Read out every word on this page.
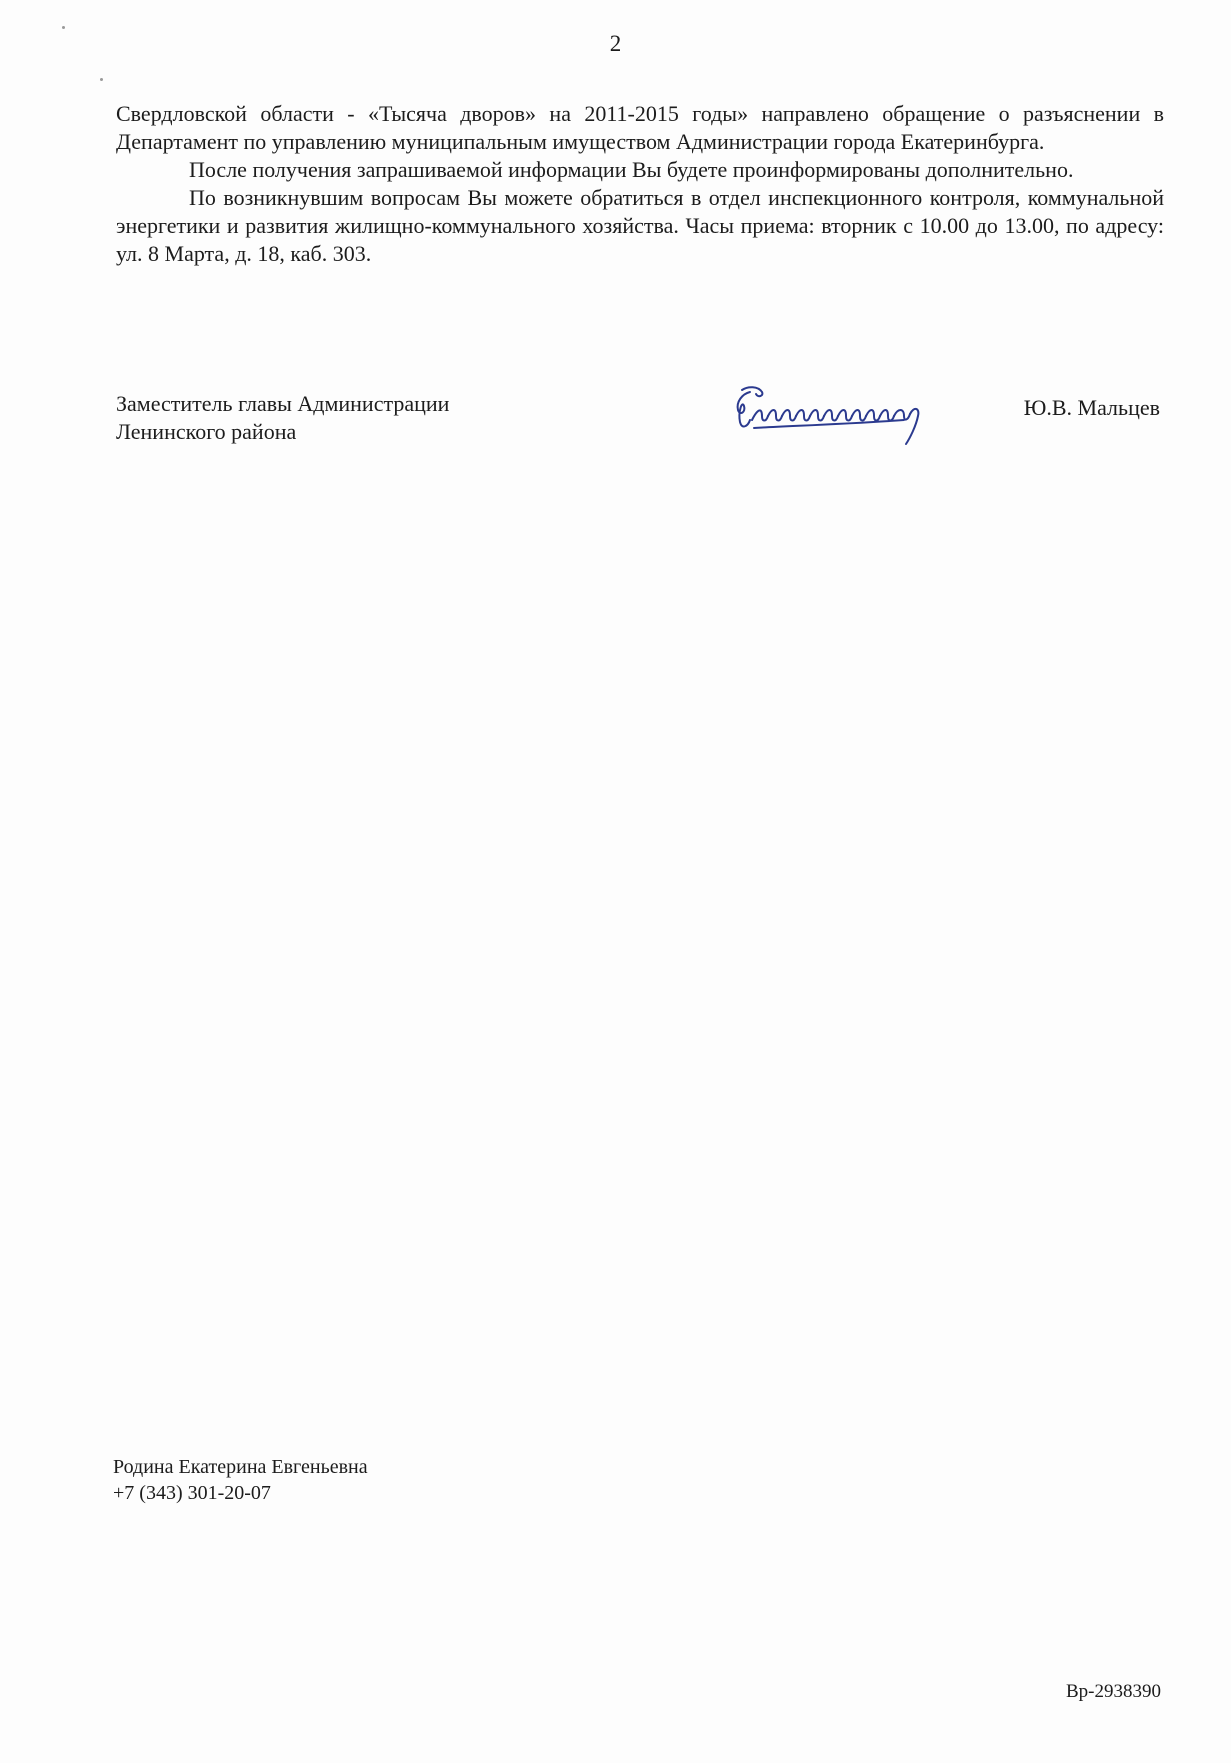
2

Свердловской области - «Тысяча дворов» на 2011-2015 годы» направлено обращение о разъяснении в Департамент по управлению муниципальным имуществом Администрации города Екатеринбурга.

После получения запрашиваемой информации Вы будете проинформированы дополнительно.

По возникнувшим вопросам Вы можете обратиться в отдел инспекционного контроля, коммунальной энергетики и развития жилищно-коммунального хозяйства. Часы приема: вторник с 10.00 до 13.00, по адресу: ул. 8 Марта, д. 18, каб. 303.

Заместитель главы Администрации
Ленинского района
Ю.В. Мальцев
Родина Екатерина Евгеньевна
+7 (343) 301-20-07
Вр-2938390
